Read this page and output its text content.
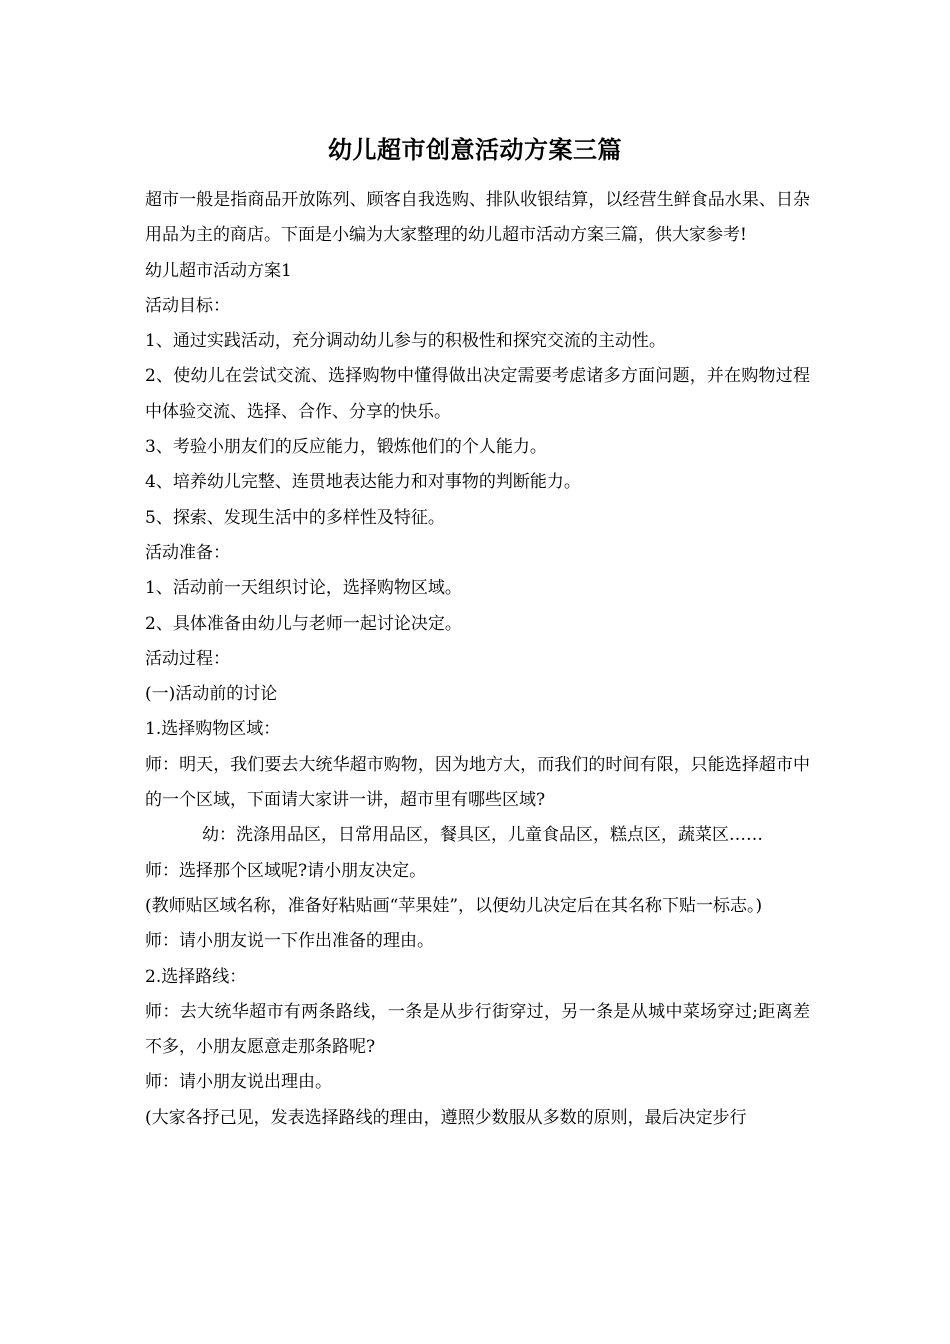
幼儿超市创意活动方案三篇

超市一般是指商品开放陈列、顾客自我选购、排队收银结算，以经营生鲜食品水果、日杂用品为主的商店。下面是小编为大家整理的幼儿超市活动方案三篇，供大家参考!

幼儿超市活动方案1

活动目标：

1、通过实践活动，充分调动幼儿参与的积极性和探究交流的主动性。

2、使幼儿在尝试交流、选择购物中懂得做出决定需要考虑诸多方面问题，并在购物过程中体验交流、选择、合作、分享的快乐。

3、考验小朋友们的反应能力，锻炼他们的个人能力。

4、培养幼儿完整、连贯地表达能力和对事物的判断能力。

5、探索、发现生活中的多样性及特征。

活动准备：

1、活动前一天组织讨论，选择购物区域。

2、具体准备由幼儿与老师一起讨论决定。

活动过程：

(一)活动前的讨论

1.选择购物区域：

师：明天，我们要去大统华超市购物，因为地方大，而我们的时间有限，只能选择超市中的一个区域，下面请大家讲一讲，超市里有哪些区域?

幼：洗涤用品区，日常用品区，餐具区，儿童食品区，糕点区，蔬菜区……

师：选择那个区域呢?请小朋友决定。

(教师贴区域名称，准备好粘贴画“苹果娃”，以便幼儿决定后在其名称下贴一标志。)

师：请小朋友说一下作出准备的理由。

2.选择路线：

师：去大统华超市有两条路线，一条是从步行街穿过，另一条是从城中菜场穿过;距离差不多，小朋友愿意走那条路呢?

师：请小朋友说出理由。

(大家各抒己见，发表选择路线的理由，遵照少数服从多数的原则，最后决定步行
